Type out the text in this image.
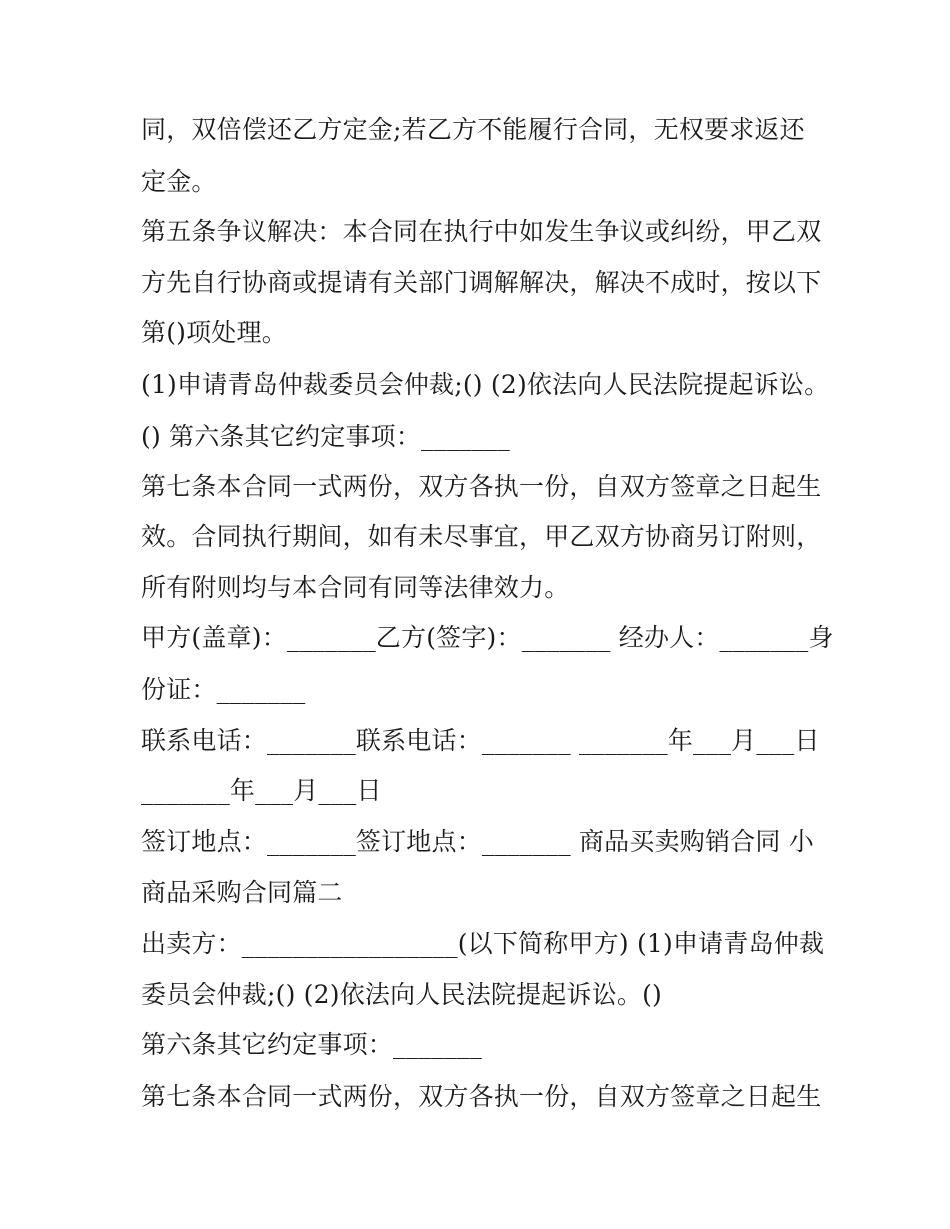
同，双倍偿还乙方定金;若乙方不能履行合同，无权要求返还
定金。
第五条争议解决：本合同在执行中如发生争议或纠纷，甲乙双
方先自行协商或提请有关部门调解解决，解决不成时，按以下
第()项处理。
(1)申请青岛仲裁委员会仲裁;() (2)依法向人民法院提起诉讼。
() 第六条其它约定事项：_______
第七条本合同一式两份，双方各执一份，自双方签章之日起生
效。合同执行期间，如有未尽事宜，甲乙双方协商另订附则，
所有附则均与本合同有同等法律效力。
甲方(盖章)：_______乙方(签字)：_______ 经办人：_______身
份证：_______
联系电话：_______联系电话：_______ _______年___月___日
_______年___月___日
签订地点：_______签订地点：_______ 商品买卖购销合同 小
商品采购合同篇二
出卖方：_________________(以下简称甲方) (1)申请青岛仲裁
委员会仲裁;() (2)依法向人民法院提起诉讼。()
第六条其它约定事项：_______
第七条本合同一式两份，双方各执一份，自双方签章之日起生
